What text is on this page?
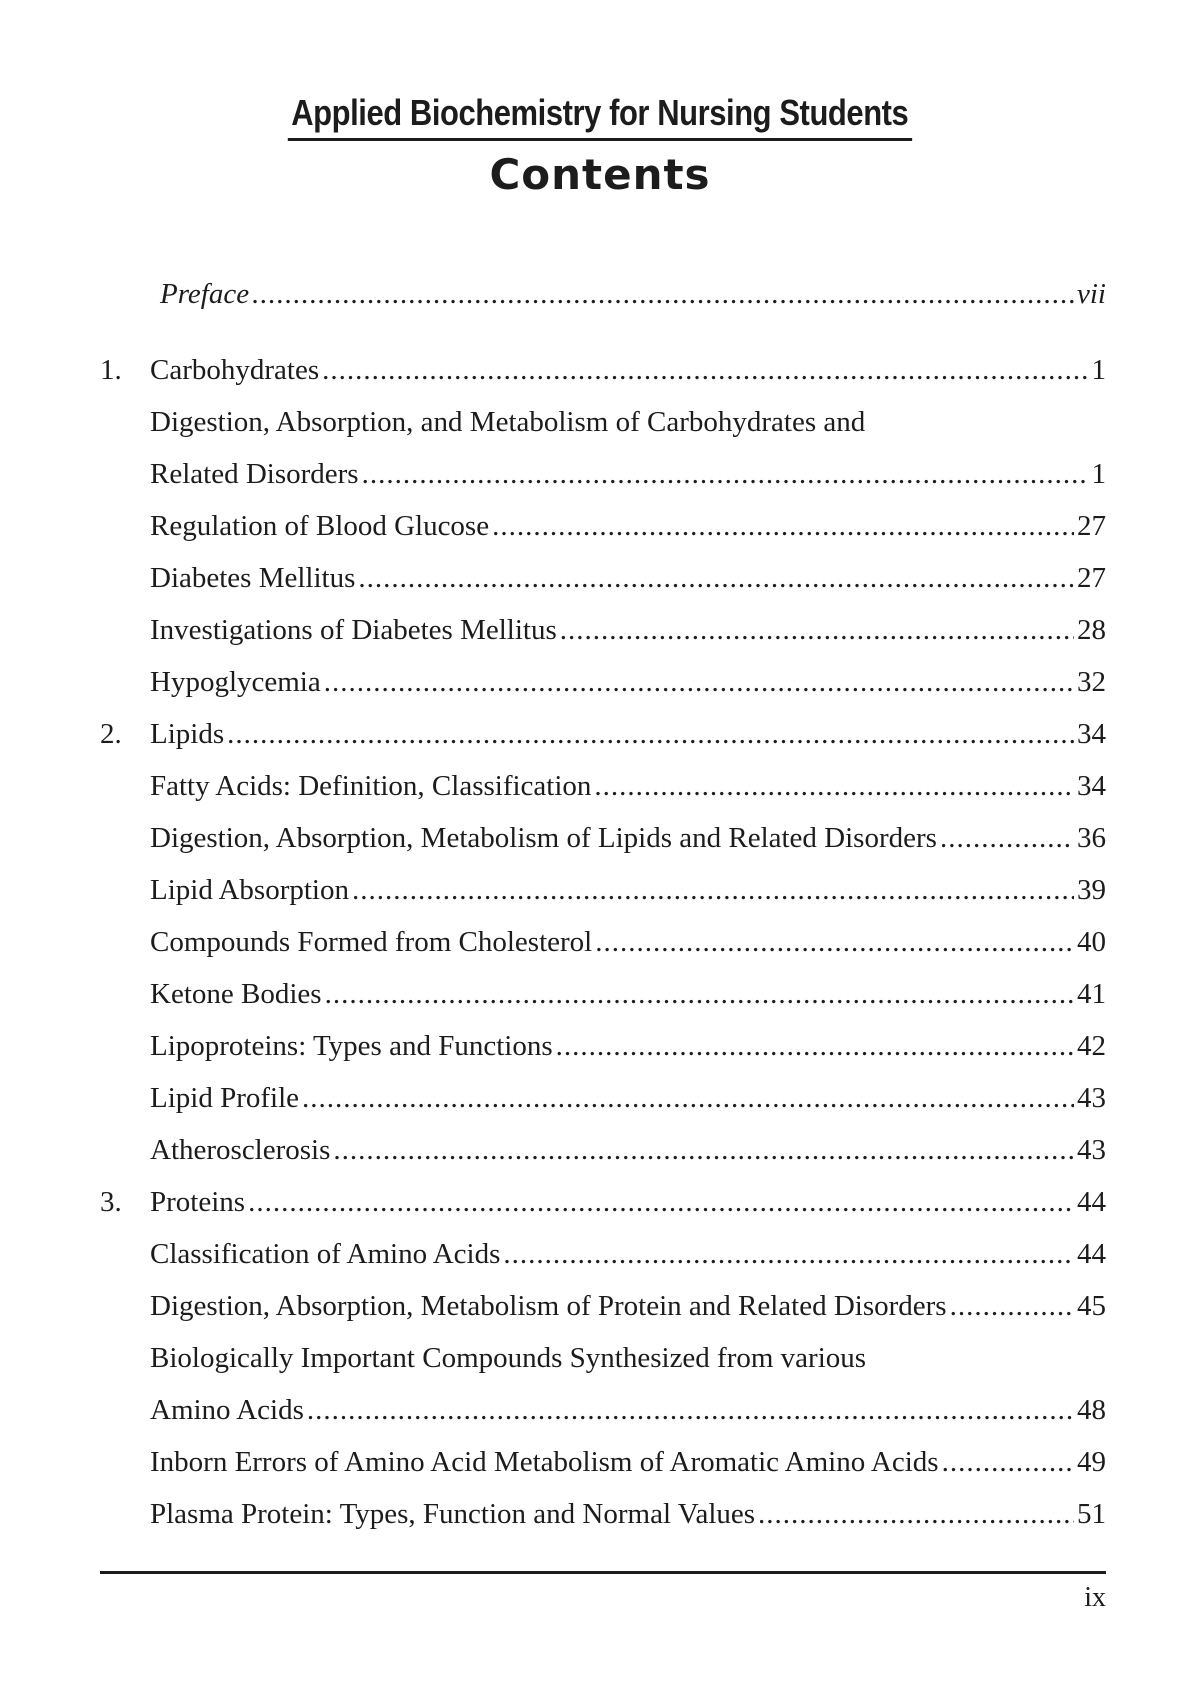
Applied Biochemistry for Nursing Students
Contents
Preface .....	vii
1. Carbohydrates .....	1
Digestion, Absorption, and Metabolism of Carbohydrates and
Related Disorders .....	1
Regulation of Blood Glucose .....	27
Diabetes Mellitus .....	27
Investigations of Diabetes Mellitus .....	28
Hypoglycemia .....	32
2. Lipids .....	34
Fatty Acids: Definition, Classification .....	34
Digestion, Absorption, Metabolism of Lipids and Related Disorders .....	36
Lipid Absorption .....	39
Compounds Formed from Cholesterol .....	40
Ketone Bodies .....	41
Lipoproteins: Types and Functions .....	42
Lipid Profile .....	43
Atherosclerosis .....	43
3. Proteins .....	44
Classification of Amino Acids .....	44
Digestion, Absorption, Metabolism of Protein and Related Disorders .....	45
Biologically Important Compounds Synthesized from various
Amino Acids .....	48
Inborn Errors of Amino Acid Metabolism of Aromatic Amino Acids .....	49
Plasma Protein: Types, Function and Normal Values .....	51
ix
